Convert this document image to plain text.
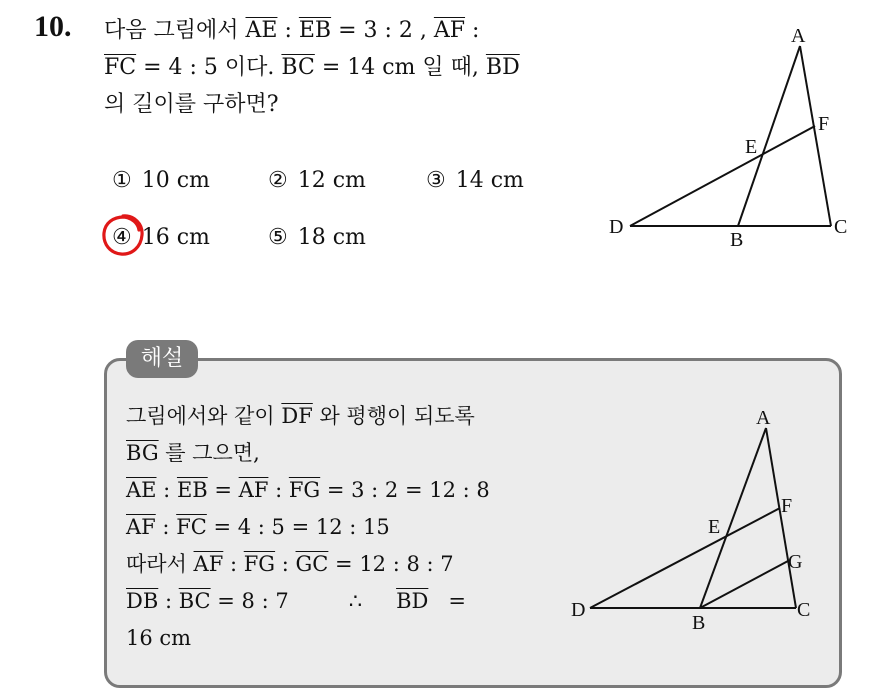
10. 다음 그림에서 $\overline{AE}$ : $\overline{EB} = 3$ : 2 , $\overline{AF}$ :
$\overline{FC} = 4$ : 5 이다. $\overline{BC} = 14$ cm 일 때, $\overline{BD}$
의 길이를 구하면?
① 10 cm	② 12 cm	③ 14 cm
④ 16 cm	⑤ 18 cm
A
F
E
D
B
C
해설
그림에서와 같이 $\overline{DF}$ 와 평행이 되도록
$\overline{BG}$ 를 그으면,
$\overline{AE}$ : $\overline{EB} = \overline{AF}$ : $\overline{FG} = 3$ : 2 = 12 : 8
$\overline{AF}$ : $\overline{FC} = 4$ : 5 = 12 : 15
따라서 $\overline{AF}$ : $\overline{FG}$ : $\overline{GC} = 12$ : 8 : 7
$\overline{DB}$ : $\overline{BC} = 8$ : 7	∴ $\overline{BD}$ =
16 cm
A
F
E
G
D
B
C
